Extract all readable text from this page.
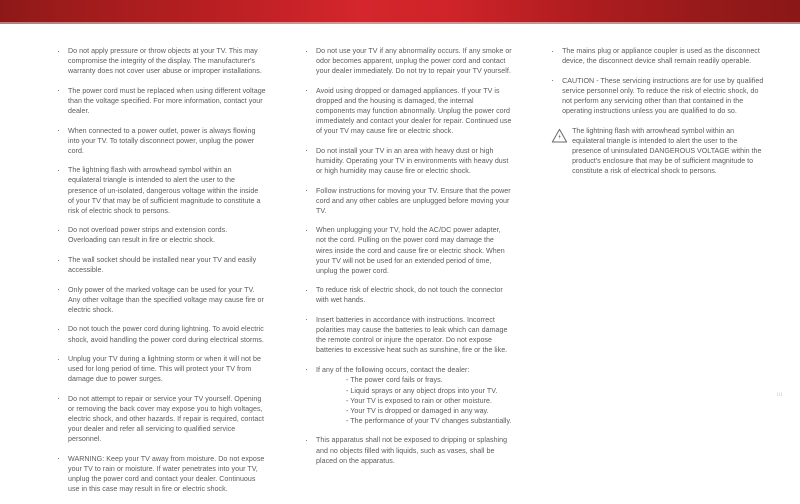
· Do not apply pressure or throw objects at your TV. This may compromise the integrity of the display. The manufacturer's warranty does not cover user abuse or improper installations.
· The power cord must be replaced when using different voltage than the voltage specified. For more information, contact your dealer.
· When connected to a power outlet, power is always flowing into your TV. To totally disconnect power, unplug the power cord.
· The lightning flash with arrowhead symbol within an equilateral triangle is intended to alert the user to the presence of un-isolated, dangerous voltage within the inside of your TV that may be of sufficient magnitude to constitute a risk of electric shock to persons.
· Do not overload power strips and extension cords. Overloading can result in fire or electric shock.
· The wall socket should be installed near your TV and easily accessible.
· Only power of the marked voltage can be used for your TV. Any other voltage than the specified voltage may cause fire or electric shock.
· Do not touch the power cord during lightning. To avoid electric shock, avoid handling the power cord during electrical storms.
· Unplug your TV during a lightning storm or when it will not be used for long period of time. This will protect your TV from damage due to power surges.
· Do not attempt to repair or service your TV yourself. Opening or removing the back cover may expose you to high voltages, electric shock, and other hazards. If repair is required, contact your dealer and refer all servicing to qualified service personnel.
· WARNING: Keep your TV away from moisture. Do not expose your TV to rain or moisture. If water penetrates into your TV, unplug the power cord and contact your dealer. Continuous use in this case may result in fire or electric shock.
· Do not use your TV if any abnormality occurs. If any smoke or odor becomes apparent, unplug the power cord and contact your dealer immediately. Do not try to repair your TV yourself.
· Avoid using dropped or damaged appliances. If your TV is dropped and the housing is damaged, the internal components may function abnormally. Unplug the power cord immediately and contact your dealer for repair. Continued use of your TV may cause fire or electric shock.
· Do not install your TV in an area with heavy dust or high humidity. Operating your TV in environments with heavy dust or high humidity may cause fire or electric shock.
· Follow instructions for moving your TV. Ensure that the power cord and any other cables are unplugged before moving your TV.
· When unplugging your TV, hold the AC/DC power adapter, not the cord. Pulling on the power cord may damage the wires inside the cord and cause fire or electric shock. When your TV will not be used for an extended period of time, unplug the power cord.
· To reduce risk of electric shock, do not touch the connector with wet hands.
· Insert batteries in accordance with instructions. Incorrect polarities may cause the batteries to leak which can damage the remote control or injure the operator. Do not expose batteries to excessive heat such as sunshine, fire or the like.
· If any of the following occurs, contact the dealer:
- The power cord fails or frays.
- Liquid sprays or any object drops into your TV.
- Your TV is exposed to rain or other moisture.
- Your TV is dropped or damaged in any way.
- The performance of your TV changes substantially.
· This apparatus shall not be exposed to dripping or splashing and no objects filled with liquids, such as vases, shall be placed on the apparatus.
· The mains plug or appliance coupler is used as the disconnect device, the disconnect device shall remain readily operable.
· CAUTION - These servicing instructions are for use by qualified service personnel only. To reduce the risk of electric shock, do not perform any servicing other than that contained in the operating instructions unless you are qualified to do so.
The lightning flash with arrowhead symbol within an equilateral triangle is intended to alert the user to the presence of uninsulated DANGEROUS VOLTAGE within the product's enclosure that may be of sufficient magnitude to constitute a risk of electrical shock to persons.
iii
